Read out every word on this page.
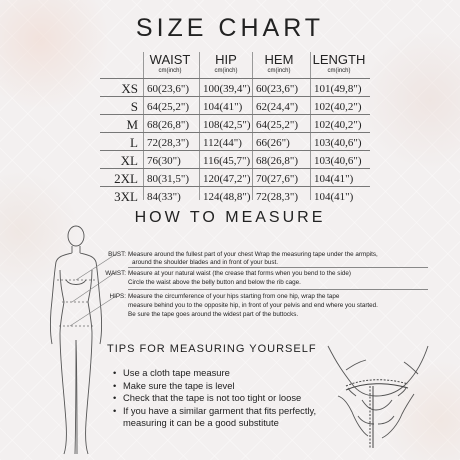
SIZE CHART
WAIST
cm(inch)
HIP
cm(inch)
HEM
cm(inch)
LENGTH
cm(inch)
XS 60(23,6")	100(39,4") 60(23,6")	101(49,8")
S 64(25,2")	104(41")	62(24,4")	102(40,2")
M 68(26,8")	108(42,5") 64(25,2")	102(40,2")
L 72(28,3")	112(44")	66(26")	103(40,6")
XL 76(30")	116(45,7") 68(26,8")	103(40,6")
2XL 80(31,5")	120(47,2") 70(27,6")	104(41")
3XL 84(33")	124(48,8") 72(28,3")	104(41")
HOW TO MEASURE
BUST: Measure around the fullest part of your chest Wrap the measuring tape under the armpits,
around the shoulder blades and in front of your bust.
WAIST: Measure at your natural waist (the crease that forms when you bend to the side)
Circle the waist above the belly button and below the rib cage.
HIPS: Measure the circumference of your hips starting from one hip, wrap the tape
measure behind you to the opposite hip, in front of your pelvis and end where you started.
Be sure the tape goes around the widest part of the buttocks.
TIPS FOR MEASURING YOURSELF
• Use a cloth tape measure
• Make sure the tape is level
• Check that the tape is not too tight or loose
• If you have a similar garment that fits perfectly,
measuring it can be a good substitute
